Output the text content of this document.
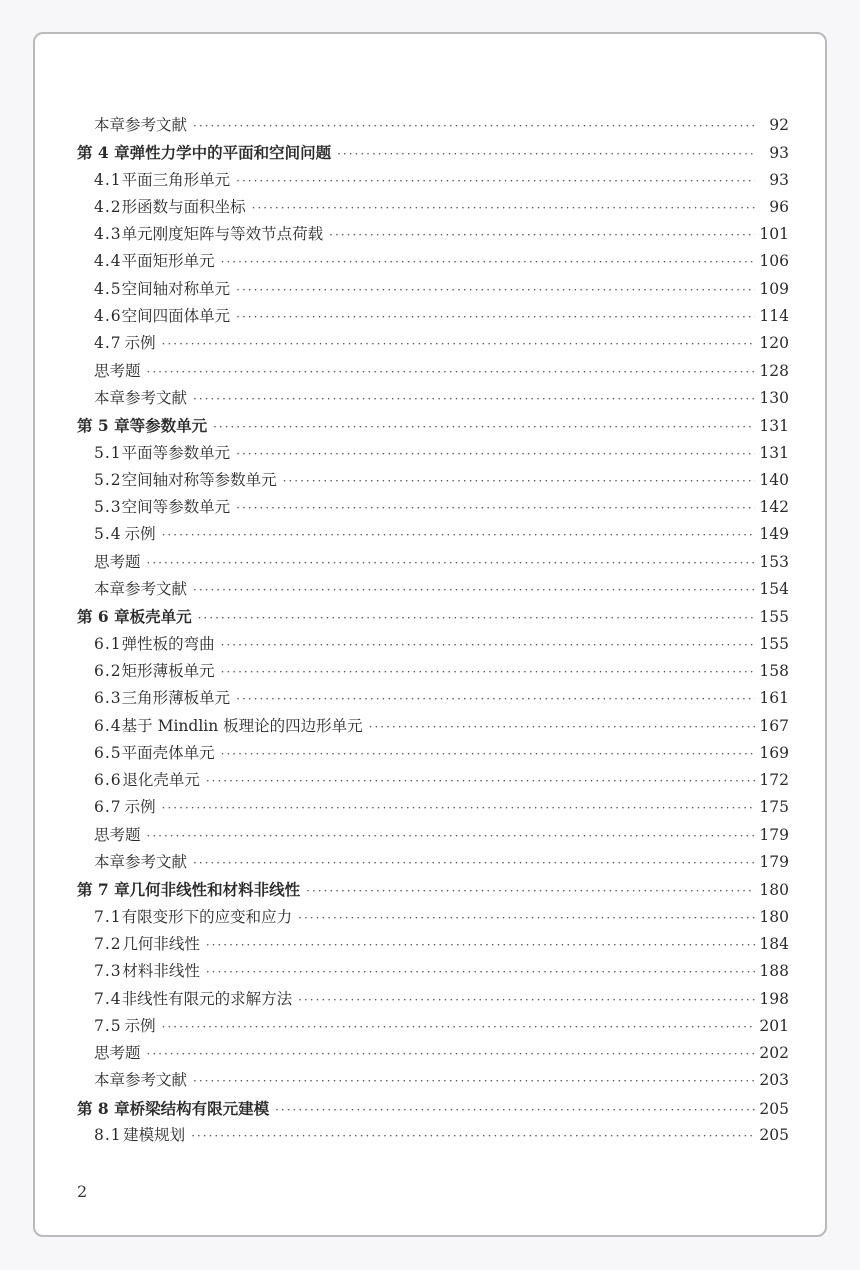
本章参考文献 ·····	92
第 4 章 弹性力学中的平面和空间问题 ·····	93
4.1 平面三角形单元 ·····	93
4.2 形函数与面积坐标 ·····	96
4.3 单元刚度矩阵与等效节点荷载 ·····	101
4.4 平面矩形单元 ·····	106
4.5 空间轴对称单元 ·····	109
4.6 空间四面体单元 ·····	114
4.7 示例 ·····	120
思考题 ·····	128
本章参考文献 ·····	130
第 5 章 等参数单元 ·····	131
5.1 平面等参数单元 ·····	131
5.2 空间轴对称等参数单元 ·····	140
5.3 空间等参数单元 ·····	142
5.4 示例 ·····	149
思考题 ·····	153
本章参考文献 ·····	154
第 6 章 板壳单元 ·····	155
6.1 弹性板的弯曲 ·····	155
6.2 矩形薄板单元 ·····	158
6.3 三角形薄板单元 ·····	161
6.4 基于 Mindlin 板理论的四边形单元 ·····	167
6.5 平面壳体单元 ·····	169
6.6 退化壳单元 ·····	172
6.7 示例 ·····	175
思考题 ·····	179
本章参考文献 ·····	179
第 7 章 几何非线性和材料非线性 ·····	180
7.1 有限变形下的应变和应力 ·····	180
7.2 几何非线性 ·····	184
7.3 材料非线性 ·····	188
7.4 非线性有限元的求解方法 ·····	198
7.5 示例 ·····	201
思考题 ·····	202
本章参考文献 ·····	203
第 8 章 桥梁结构有限元建模 ·····	205
8.1 建模规划 ·····	205
2
